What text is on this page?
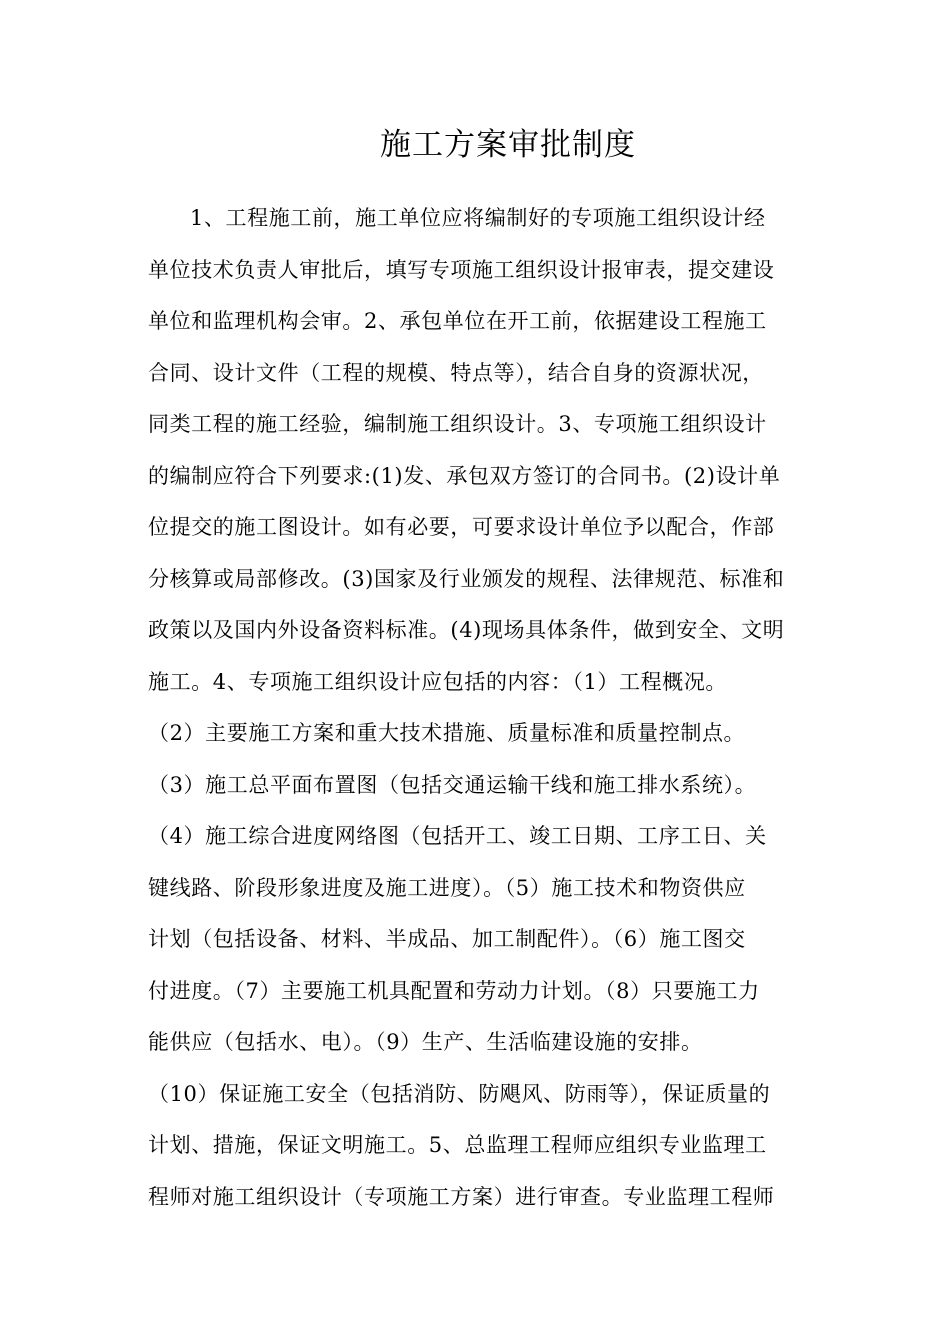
施工方案审批制度
1、工程施工前，施工单位应将编制好的专项施工组织设计经
单位技术负责人审批后，填写专项施工组织设计报审表，提交建设
单位和监理机构会审。2、承包单位在开工前，依据建设工程施工
合同、设计文件（工程的规模、特点等），结合自身的资源状况，
同类工程的施工经验，编制施工组织设计。3、专项施工组织设计
的编制应符合下列要求:(1)发、承包双方签订的合同书。(2)设计单
位提交的施工图设计。如有必要，可要求设计单位予以配合，作部
分核算或局部修改。(3)国家及行业颁发的规程、法律规范、标准和
政策以及国内外设备资料标准。(4)现场具体条件，做到安全、文明
施工。4、专项施工组织设计应包括的内容：（1）工程概况。
（2）主要施工方案和重大技术措施、质量标准和质量控制点。
（3）施工总平面布置图（包括交通运输干线和施工排水系统）。
（4）施工综合进度网络图（包括开工、竣工日期、工序工日、关
键线路、阶段形象进度及施工进度）。（5）施工技术和物资供应
计划（包括设备、材料、半成品、加工制配件）。（6）施工图交
付进度。（7）主要施工机具配置和劳动力计划。（8）只要施工力
能供应（包括水、电）。（9）生产、生活临建设施的安排。
（10）保证施工安全（包括消防、防飓风、防雨等），保证质量的
计划、措施，保证文明施工。5、总监理工程师应组织专业监理工
程师对施工组织设计（专项施工方案）进行审查。专业监理工程师
